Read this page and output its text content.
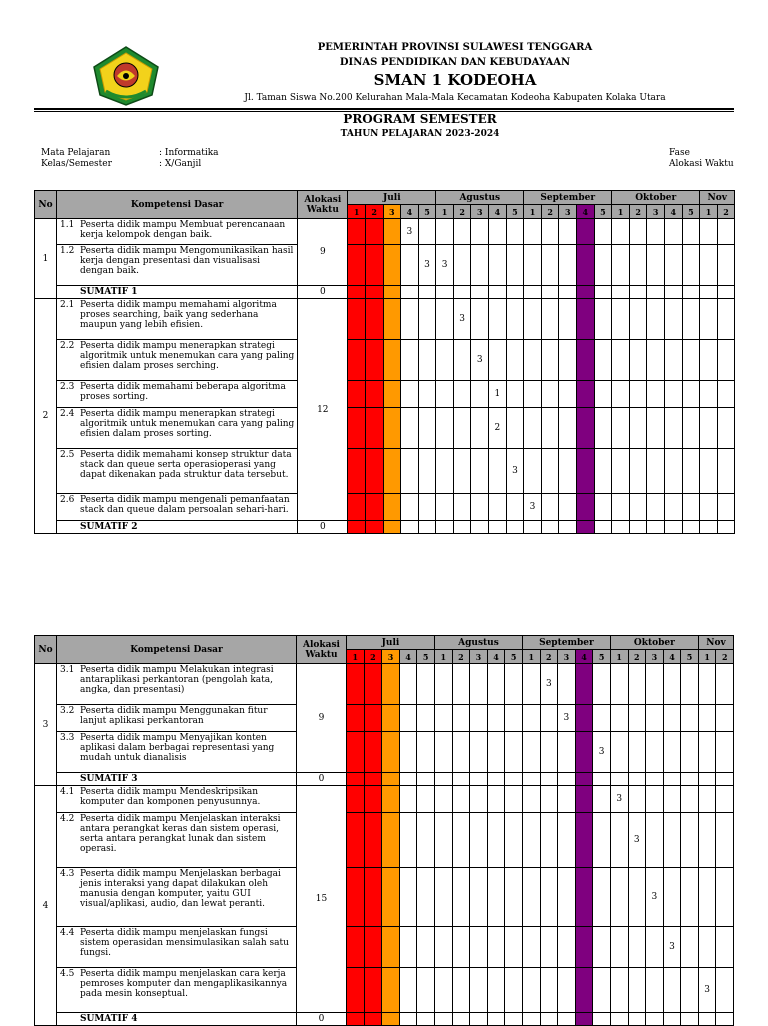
PEMERINTAH PROVINSI SULAWESI TENGGARA
DINAS PENDIDIKAN DAN KEBUDAYAAN
SMAN 1 KODEOHA
Jl. Taman Siswa No.200 Kelurahan Mala-Mala Kecamatan Kodeoha Kabupaten Kolaka Utara
PROGRAM SEMESTER
TAHUN PELAJARAN 2023-2024
Mata Pelajaran	: Informatika
Kelas/Semester	: X/Ganjil
Fase
Alokasi Waktu
No	Kompetensi Dasar	Alokasi Waktu	Juli					Agustus					September					Oktober					Nov	
			1	2	3	4	5	1	2	3	4	5	1	2	3	4	5	1	2	3	4	5	1	2
1	1.1 Peserta didik mampu Membuat perencanaan
kerja kelompok dengan baik.	9				3																		
	1.2 Peserta didik mampu Mengomunikasikan hasil
kerja dengan presentasi dan visualisasi
dengan baik.						3	3																
	SUMATIF 1	0																						
2	2.1 Peserta didik mampu memahami algoritma
proses searching, baik yang sederhana
maupun yang lebih efisien.	12							3															
	2.2 Peserta didik mampu menerapkan strategi
algoritmik untuk menemukan cara yang paling
efisien dalam proses serching.									3														
	2.3 Peserta didik memahami beberapa algoritma
proses sorting.										1													
	2.4 Peserta didik mampu menerapkan strategi
algoritmik untuk menemukan cara yang paling
efisien dalam proses sorting.										2													
	2.5 Peserta didik memahami konsep struktur data
stack dan queue serta operasioperasi yang
dapat dikenakan pada struktur data tersebut.											3												
	2.6 Peserta didik mampu mengenali pemanfaatan
stack dan queue dalam persoalan sehari-hari.												3											
	SUMATIF 2	0																						
No	Kompetensi Dasar	Alokasi Waktu	Juli					Agustus					September					Oktober					Nov	
			1	2	3	4	5	1	2	3	4	5	1	2	3	4	5	1	2	3	4	5	1	2
3	3.1 Peserta didik mampu Melakukan integrasi
antaraplikasi perkantoran (pengolah kata,
angka, dan presentasi)	9												3										
	3.2 Peserta didik mampu Menggunakan fitur
lanjut aplikasi perkantoran														3									
	3.3 Peserta didik mampu Menyajikan konten
aplikasi dalam berbagai representasi yang
mudah untuk dianalisis																3							
	SUMATIF 3	0																						
4	4.1 Peserta didik mampu Mendeskripsikan
komputer dan komponen penyusunnya.	15																3						
	4.2 Peserta didik mampu Menjelaskan interaksi
antara perangkat keras dan sistem operasi,
serta antara perangkat lunak dan sistem
operasi.																		3					
	4.3 Peserta didik mampu Menjelaskan berbagai
jenis interaksi yang dapat dilakukan oleh
manusia dengan komputer, yaitu GUI
visual/aplikasi, audio, dan lewat peranti.																			3				
	4.4 Peserta didik mampu menjelaskan fungsi
sistem operasidan mensimulasikan salah satu
fungsi.																				3			
	4.5 Peserta didik mampu menjelaskan cara kerja
pemroses komputer dan mengaplikasikannya
pada mesin konseptual.																						3	
	SUMATIF 4	0																						
